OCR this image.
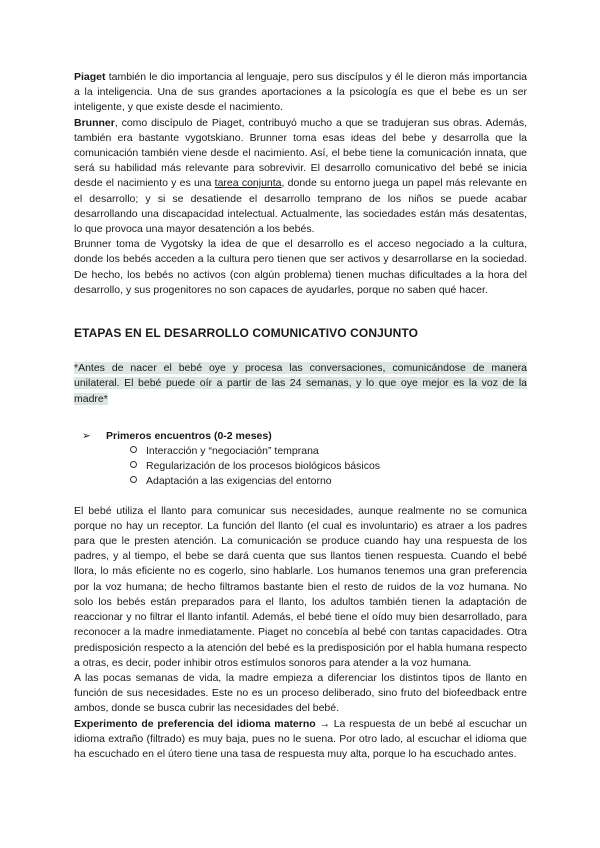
Piaget también le dio importancia al lenguaje, pero sus discípulos y él le dieron más importancia a la inteligencia. Una de sus grandes aportaciones a la psicología es que el bebe es un ser inteligente, y que existe desde el nacimiento.

Brunner, como discípulo de Piaget, contribuyó mucho a que se tradujeran sus obras. Además, también era bastante vygotskiano. Brunner toma esas ideas del bebe y desarrolla que la comunicación también viene desde el nacimiento. Así, el bebe tiene la comunicación innata, que será su habilidad más relevante para sobrevivir. El desarrollo comunicativo del bebé se inicia desde el nacimiento y es una tarea conjunta, donde su entorno juega un papel más relevante en el desarrollo; y si se desatiende el desarrollo temprano de los niños se puede acabar desarrollando una discapacidad intelectual. Actualmente, las sociedades están más desatentas, lo que provoca una mayor desatención a los bebés.

Brunner toma de Vygotsky la idea de que el desarrollo es el acceso negociado a la cultura, donde los bebés acceden a la cultura pero tienen que ser activos y desarrollarse en la sociedad. De hecho, los bebés no activos (con algún problema) tienen muchas dificultades a la hora del desarrollo, y sus progenitores no son capaces de ayudarles, porque no saben qué hacer.

ETAPAS EN EL DESARROLLO COMUNICATIVO CONJUNTO

*Antes de nacer el bebé oye y procesa las conversaciones, comunicándose de manera unilateral. El bebé puede oír a partir de las 24 semanas, y lo que oye mejor es la voz de la madre*

➢ Primeros encuentros (0-2 meses)
Interacción y “negociación” temprana
Regularización de los procesos biológicos básicos
Adaptación a las exigencias del entorno

El bebé utiliza el llanto para comunicar sus necesidades, aunque realmente no se comunica porque no hay un receptor. La función del llanto (el cual es involuntario) es atraer a los padres para que le presten atención. La comunicación se produce cuando hay una respuesta de los padres, y al tiempo, el bebe se dará cuenta que sus llantos tienen respuesta. Cuando el bebé llora, lo más eficiente no es cogerlo, sino hablarle. Los humanos tenemos una gran preferencia por la voz humana; de hecho filtramos bastante bien el resto de ruidos de la voz humana. No solo los bebés están preparados para el llanto, los adultos también tienen la adaptación de reaccionar y no filtrar el llanto infantil. Además, el bebé tiene el oído muy bien desarrollado, para reconocer a la madre inmediatamente. Piaget no concebía al bebé con tantas capacidades. Otra predisposición respecto a la atención del bebé es la predisposición por el habla humana respecto a otras, es decir, poder inhibir otros estímulos sonoros para atender a la voz humana.

A las pocas semanas de vida, la madre empieza a diferenciar los distintos tipos de llanto en función de sus necesidades. Este no es un proceso deliberado, sino fruto del biofeedback entre ambos, donde se busca cubrir las necesidades del bebé.

Experimento de preferencia del idioma materno → La respuesta de un bebé al escuchar un idioma extraño (filtrado) es muy baja, pues no le suena. Por otro lado, al escuchar el idioma que ha escuchado en el útero tiene una tasa de respuesta muy alta, porque lo ha escuchado antes.
